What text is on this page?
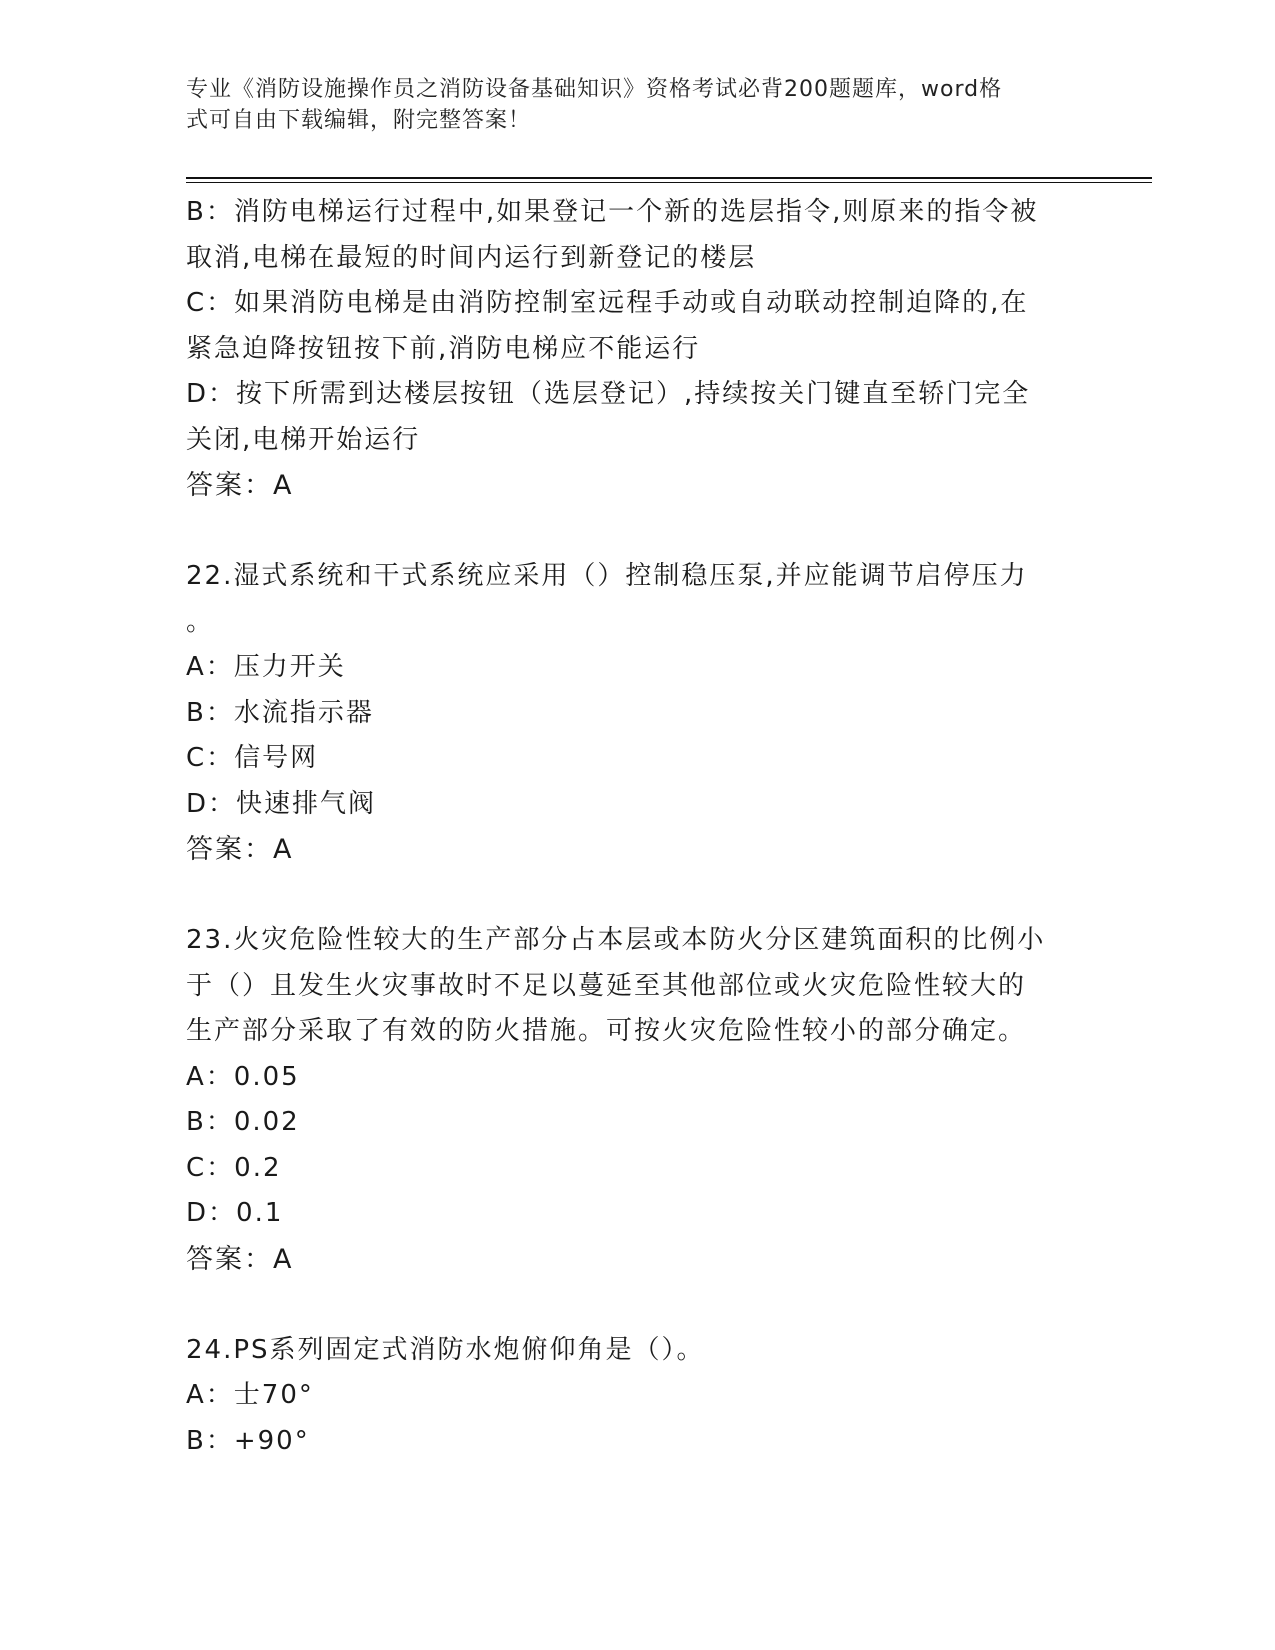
专业《消防设施操作员之消防设备基础知识》资格考试必背200题题库，word格
式可自由下载编辑，附完整答案！
B：消防电梯运行过程中,如果登记一个新的选层指令,则原来的指令被
取消,电梯在最短的时间内运行到新登记的楼层
C：如果消防电梯是由消防控制室远程手动或自动联动控制迫降的,在
紧急迫降按钮按下前,消防电梯应不能运行
D：按下所需到达楼层按钮（选层登记）,持续按关门键直至轿门完全
关闭,电梯开始运行
答案：A
22.湿式系统和干式系统应采用（）控制稳压泵,并应能调节启停压力
。
A：压力开关
B：水流指示器
C：信号网
D：快速排气阀
答案：A
23.火灾危险性较大的生产部分占本层或本防火分区建筑面积的比例小
于（）且发生火灾事故时不足以蔓延至其他部位或火灾危险性较大的
生产部分采取了有效的防火措施。可按火灾危险性较小的部分确定。
A：0.05
B：0.02
C：0.2
D：0.1
答案：A
24.PS系列固定式消防水炮俯仰角是（）。
A：士70°
B：+90°
